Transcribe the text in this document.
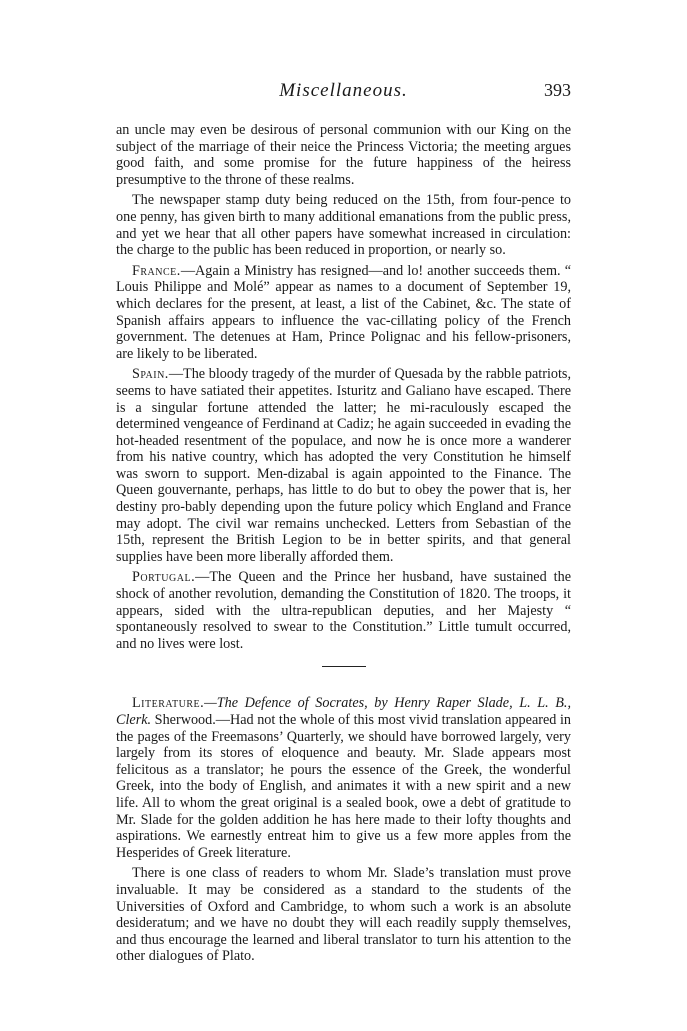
Miscellaneous.	393

an uncle may even be desirous of personal communion with our King on the subject of the marriage of their neice the Princess Victoria; the meeting argues good faith, and some promise for the future happiness of the heiress presumptive to the throne of these realms.

The newspaper stamp duty being reduced on the 15th, from four-pence to one penny, has given birth to many additional emanations from the public press, and yet we hear that all other papers have somewhat increased in circulation: the charge to the public has been reduced in proportion, or nearly so.

France.—Again a Ministry has resigned—and lo! another succeeds them. “ Louis Philippe and Molé” appear as names to a document of September 19, which declares for the present, at least, a list of the Cabinet, &c. The state of Spanish affairs appears to influence the vac-cillating policy of the French government. The detenues at Ham, Prince Polignac and his fellow-prisoners, are likely to be liberated.

Spain.—The bloody tragedy of the murder of Quesada by the rabble patriots, seems to have satiated their appetites. Isturitz and Galiano have escaped. There is a singular fortune attended the latter; he mi-raculously escaped the determined vengeance of Ferdinand at Cadiz; he again succeeded in evading the hot-headed resentment of the populace, and now he is once more a wanderer from his native country, which has adopted the very Constitution he himself was sworn to support. Men-dizabal is again appointed to the Finance. The Queen gouvernante, perhaps, has little to do but to obey the power that is, her destiny pro-bably depending upon the future policy which England and France may adopt. The civil war remains unchecked. Letters from Sebastian of the 15th, represent the British Legion to be in better spirits, and that general supplies have been more liberally afforded them.

Portugal.—The Queen and the Prince her husband, have sustained the shock of another revolution, demanding the Constitution of 1820. The troops, it appears, sided with the ultra-republican deputies, and her Majesty “ spontaneously resolved to swear to the Constitution.” Little tumult occurred, and no lives were lost.

Literature.—The Defence of Socrates, by Henry Raper Slade, L. L. B., Clerk. Sherwood.—Had not the whole of this most vivid translation appeared in the pages of the Freemasons’ Quarterly, we should have borrowed largely, very largely from its stores of eloquence and beauty. Mr. Slade appears most felicitous as a translator; he pours the essence of the Greek, the wonderful Greek, into the body of English, and animates it with a new spirit and a new life. All to whom the great original is a sealed book, owe a debt of gratitude to Mr. Slade for the golden addition he has here made to their lofty thoughts and aspirations. We earnestly entreat him to give us a few more apples from the Hesperides of Greek literature.

There is one class of readers to whom Mr. Slade’s translation must prove invaluable. It may be considered as a standard to the students of the Universities of Oxford and Cambridge, to whom such a work is an absolute desideratum; and we have no doubt they will each readily supply themselves, and thus encourage the learned and liberal translator to turn his attention to the other dialogues of Plato.
